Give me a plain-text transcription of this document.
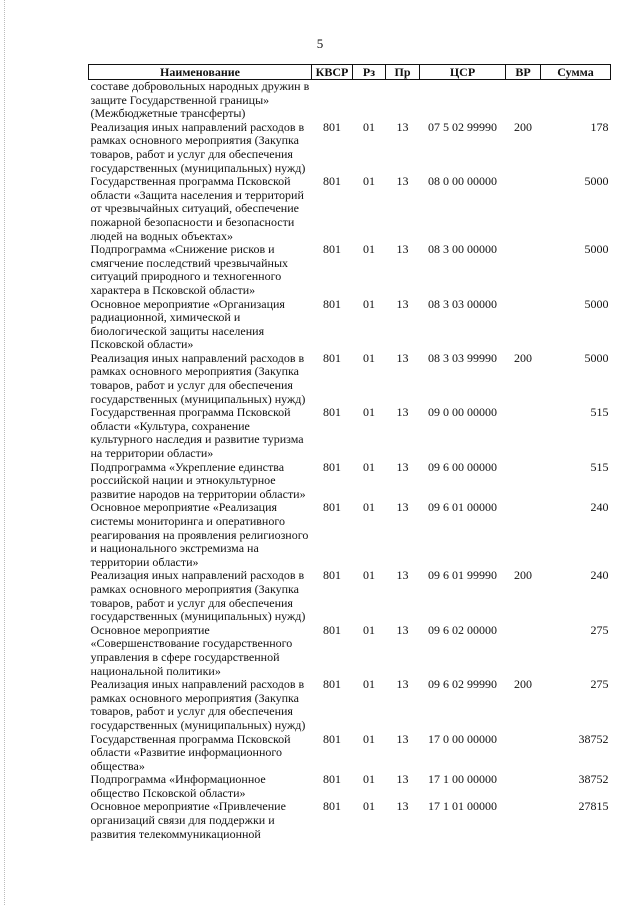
5
Наименование	КВСР	Рз	Пр	ЦСР	ВР	Сумма
составе добровольных народных дружин в защите Государственной границы» (Межбюджетные трансферты)						
Реализация иных направлений расходов в рамках основного мероприятия (Закупка товаров, работ и услуг для обеспечения государственных (муниципальных) нужд)	801	01	13	07 5 02 99990	200	178
Государственная программа Псковской области «Защита населения и территорий от чрезвычайных ситуаций, обеспечение пожарной безопасности и безопасности людей на водных объектах»	801	01	13	08 0 00 00000		5000
Подпрограмма «Снижение рисков и смягчение последствий чрезвычайных ситуаций природного и техногенного характера в Псковской области»	801	01	13	08 3 00 00000		5000
Основное мероприятие «Организация радиационной, химической и биологической защиты населения Псковской области»	801	01	13	08 3 03 00000		5000
Реализация иных направлений расходов в рамках основного мероприятия (Закупка товаров, работ и услуг для обеспечения государственных (муниципальных) нужд)	801	01	13	08 3 03 99990	200	5000
Государственная программа Псковской области «Культура, сохранение культурного наследия и развитие туризма на территории области»	801	01	13	09 0 00 00000		515
Подпрограмма «Укрепление единства российской нации и этнокультурное развитие народов на территории области»	801	01	13	09 6 00 00000		515
Основное мероприятие «Реализация системы мониторинга и оперативного реагирования на проявления религиозного и национального экстремизма на территории области»	801	01	13	09 6 01 00000		240
Реализация иных направлений расходов в рамках основного мероприятия (Закупка товаров, работ и услуг для обеспечения государственных (муниципальных) нужд)	801	01	13	09 6 01 99990	200	240
Основное мероприятие «Совершенствование государственного управления в сфере государственной национальной политики»	801	01	13	09 6 02 00000		275
Реализация иных направлений расходов в рамках основного мероприятия (Закупка товаров, работ и услуг для обеспечения государственных (муниципальных) нужд)	801	01	13	09 6 02 99990	200	275
Государственная программа Псковской области «Развитие информационного общества»	801	01	13	17 0 00 00000		38752
Подпрограмма «Информационное общество Псковской области»	801	01	13	17 1 00 00000		38752
Основное мероприятие «Привлечение организаций связи для поддержки и развития телекоммуникационной	801	01	13	17 1 01 00000		27815
